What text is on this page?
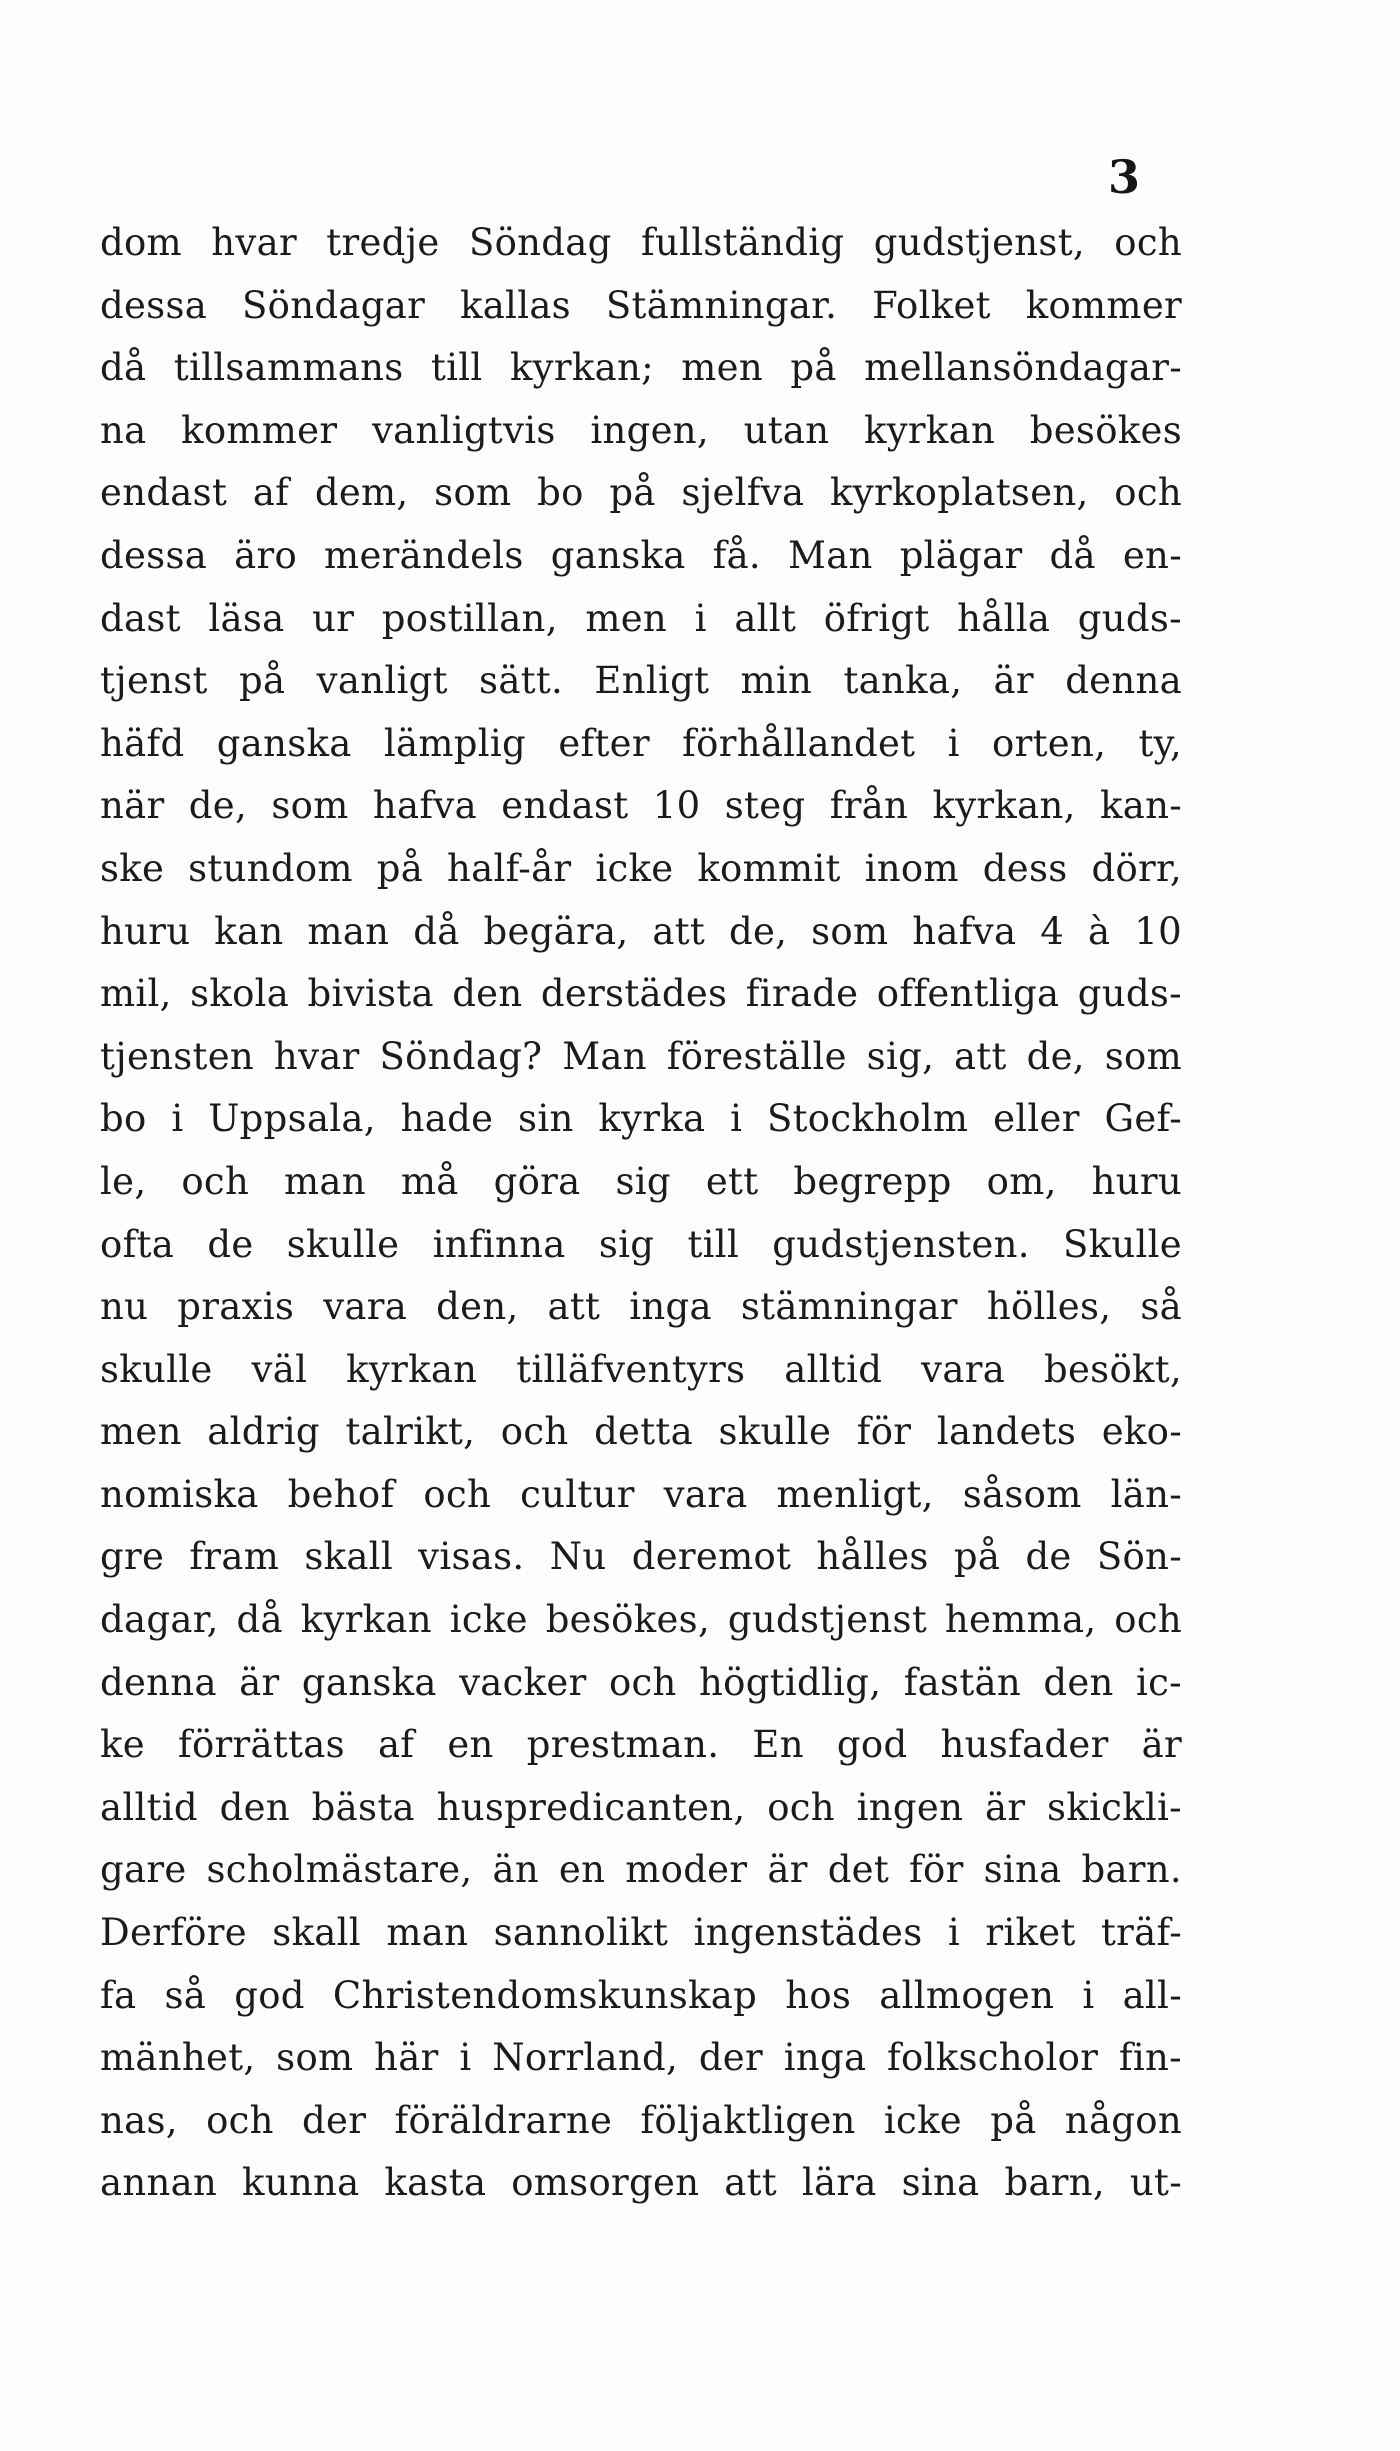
3
dom hvar tredje Söndag fullständig gudstjenst, och
dessa Söndagar kallas Stämningar. Folket kommer
då tillsammans till kyrkan; men på mellansöndagar-
na kommer vanligtvis ingen, utan kyrkan besökes
endast af dem, som bo på sjelfva kyrkoplatsen, och
dessa äro merändels ganska få. Man plägar då en-
dast läsa ur postillan, men i allt öfrigt hålla guds-
tjenst på vanligt sätt. Enligt min tanka, är denna
häfd ganska lämplig efter förhållandet i orten, ty,
när de, som hafva endast 10 steg från kyrkan, kan-
ske stundom på half-år icke kommit inom dess dörr,
huru kan man då begära, att de, som hafva 4 à 10
mil, skola bivista den derstädes firade offentliga guds-
tjensten hvar Söndag? Man föreställe sig, att de, som
bo i Uppsala, hade sin kyrka i Stockholm eller Gef-
le, och man må göra sig ett begrepp om, huru
ofta de skulle infinna sig till gudstjensten. Skulle
nu praxis vara den, att inga stämningar hölles, så
skulle väl kyrkan tilläfventyrs alltid vara besökt,
men aldrig talrikt, och detta skulle för landets eko-
nomiska behof och cultur vara menligt, såsom län-
gre fram skall visas. Nu deremot hålles på de Sön-
dagar, då kyrkan icke besökes, gudstjenst hemma, och
denna är ganska vacker och högtidlig, fastän den ic-
ke förrättas af en prestman. En god husfader är
alltid den bästa huspredicanten, och ingen är skickli-
gare scholmästare, än en moder är det för sina barn.
Derföre skall man sannolikt ingenstädes i riket träf-
fa så god Christendomskunskap hos allmogen i all-
mänhet, som här i Norrland, der inga folkscholor fin-
nas, och der föräldrarne följaktligen icke på någon
annan kunna kasta omsorgen att lära sina barn, ut-
